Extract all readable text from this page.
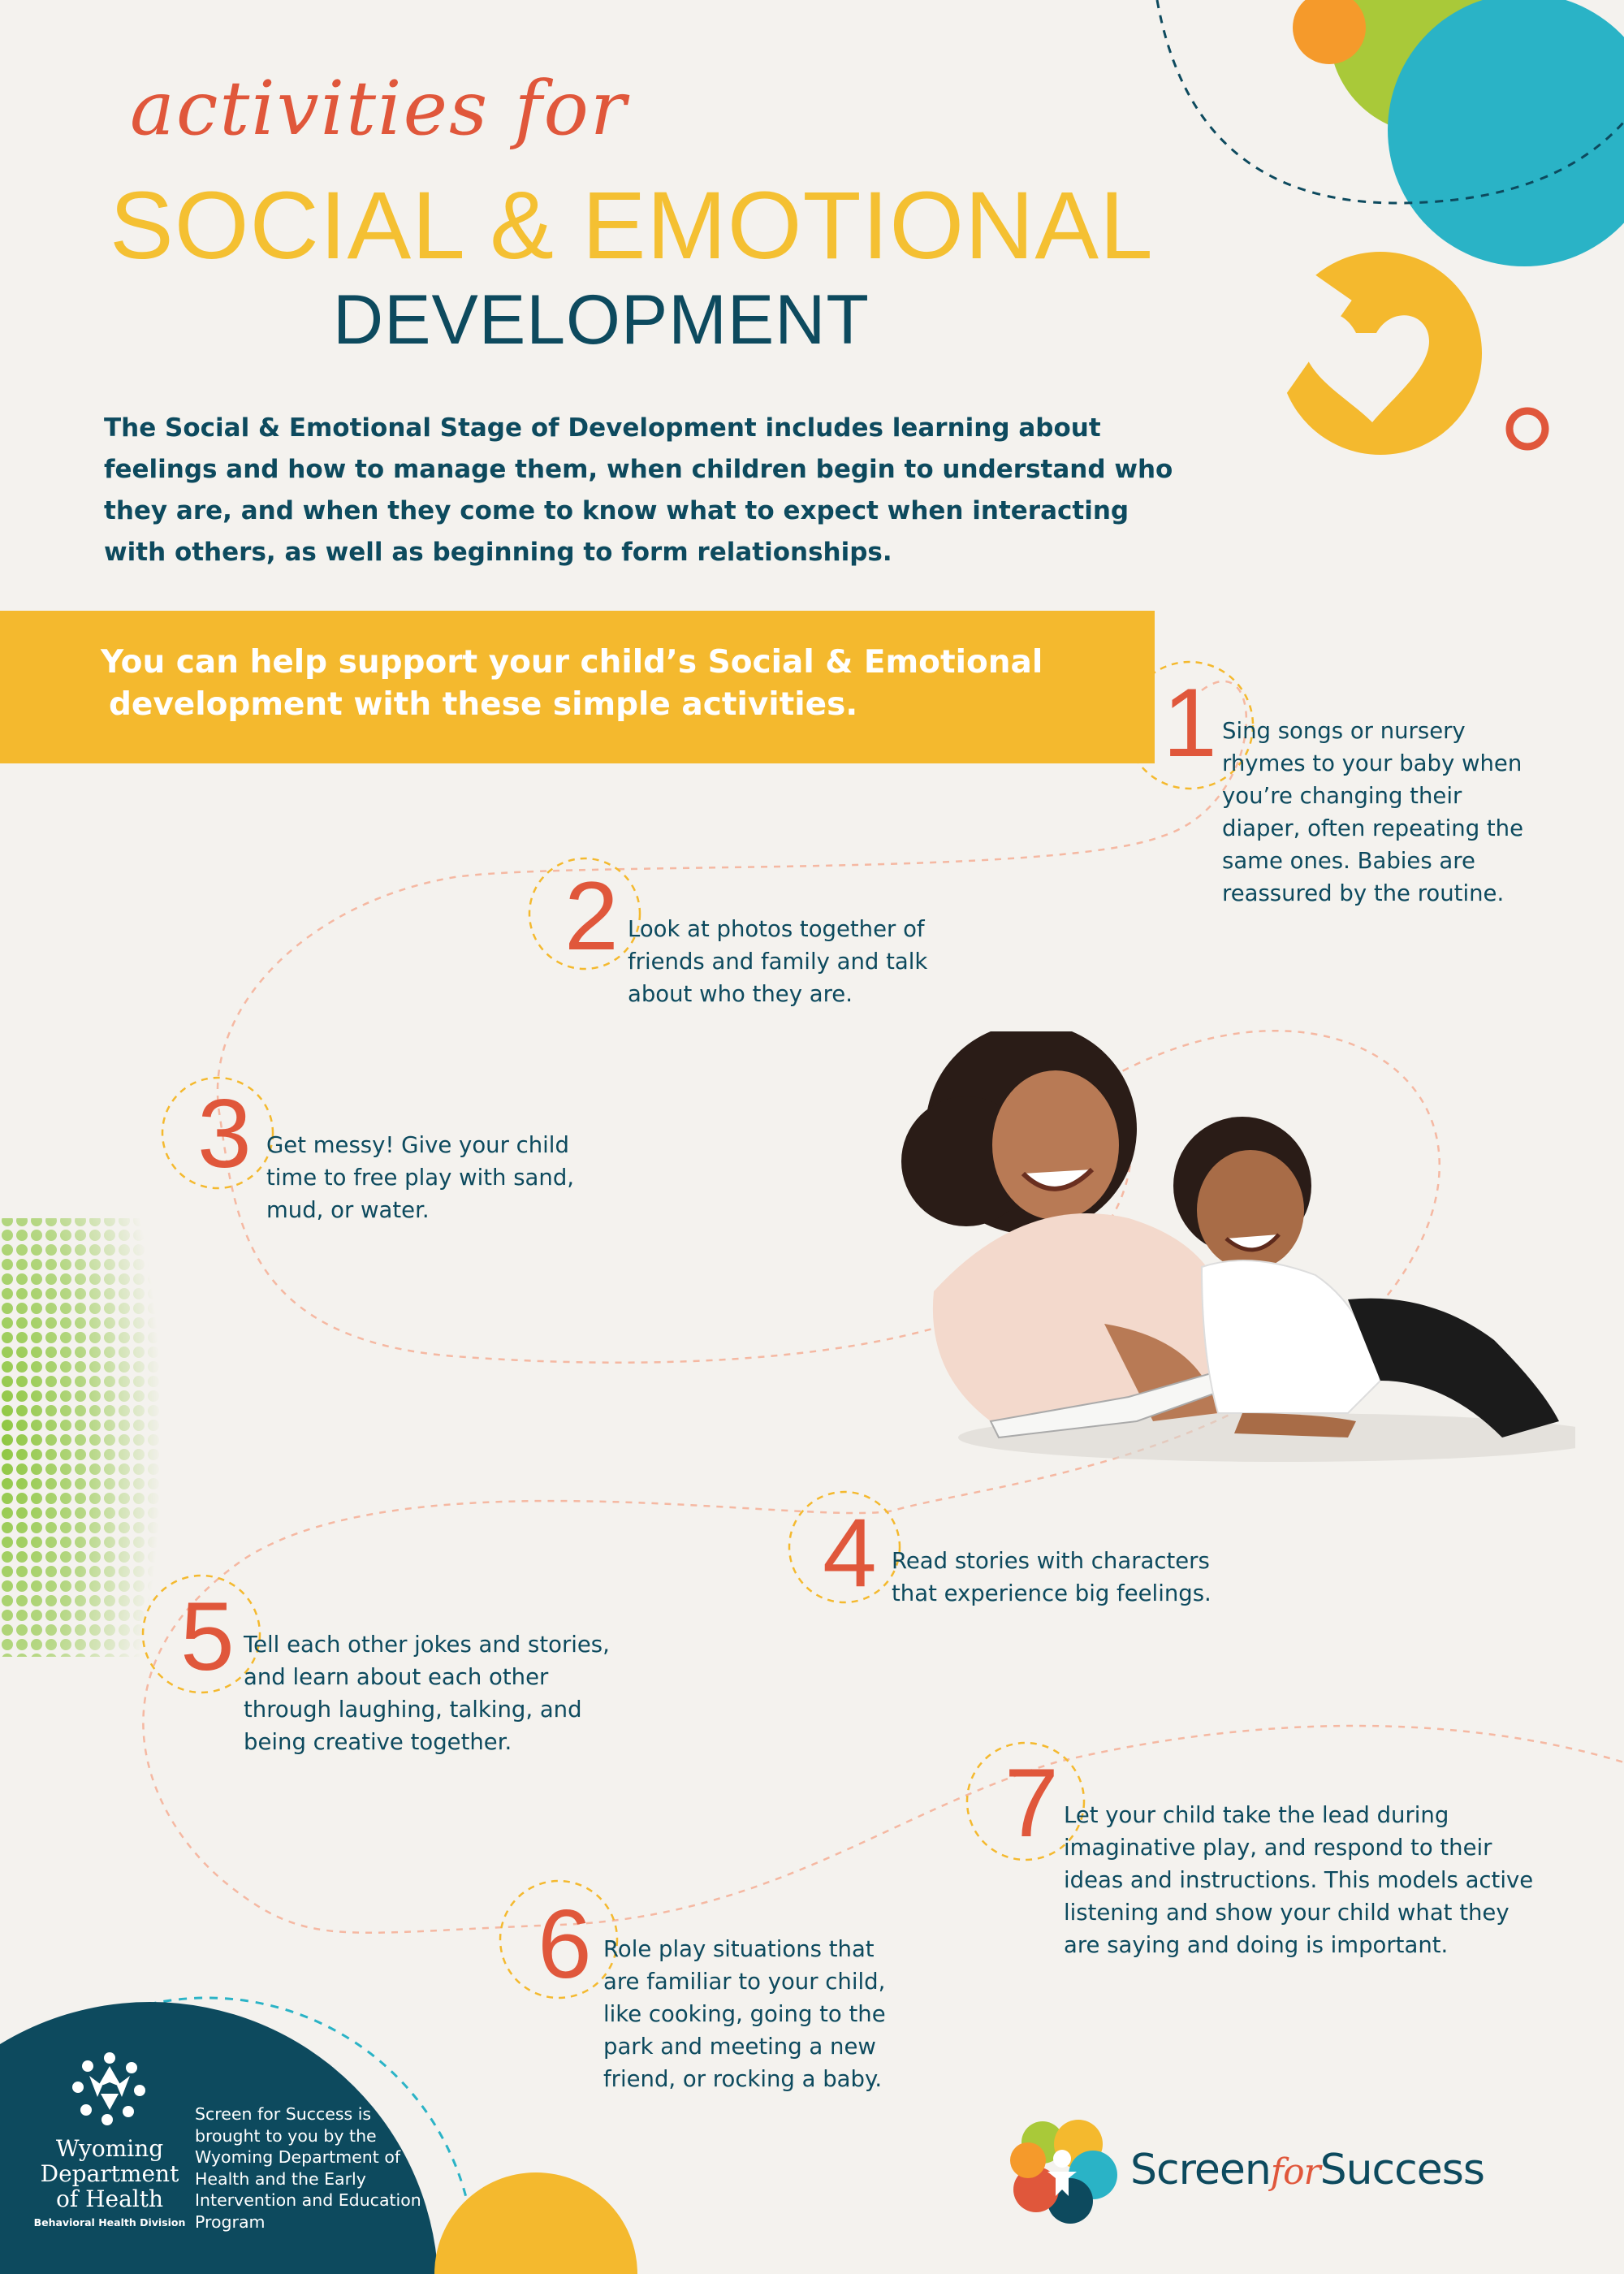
activities for
SOCIAL & EMOTIONAL
DEVELOPMENT
The Social & Emotional Stage of Development includes learning about feelings and how to manage them, when children begin to understand who they are, and when they come to know what to expect when interacting with others, as well as beginning to form relationships.
You can help support your child’s Social & Emotional
development with these simple activities.	1 Sing songs or nursery rhymes to your baby when you’re changing their diaper, often repeating the same ones. Babies are reassured by the routine.
2 Look at photos together of friends and family and talk about who they are.
3 Get messy! Give your child time to free play with sand, mud, or water.
4 Read stories with characters that experience big feelings.
5 Tell each other jokes and stories, and learn about each other through laughing, talking, and being creative together.
6 Role play situations that are familiar to your child, like cooking, going to the park and meeting a new friend, or rocking a baby.
7 Let your child take the lead during imaginative play, and respond to their ideas and instructions. This models active listening and show your child what they are saying and doing is important.
Wyoming Department of Health
Behavioral Health Division
Screen for Success is brought to you by the Wyoming Department of Health and the Early Intervention and Education Program
ScreenforSuccess
